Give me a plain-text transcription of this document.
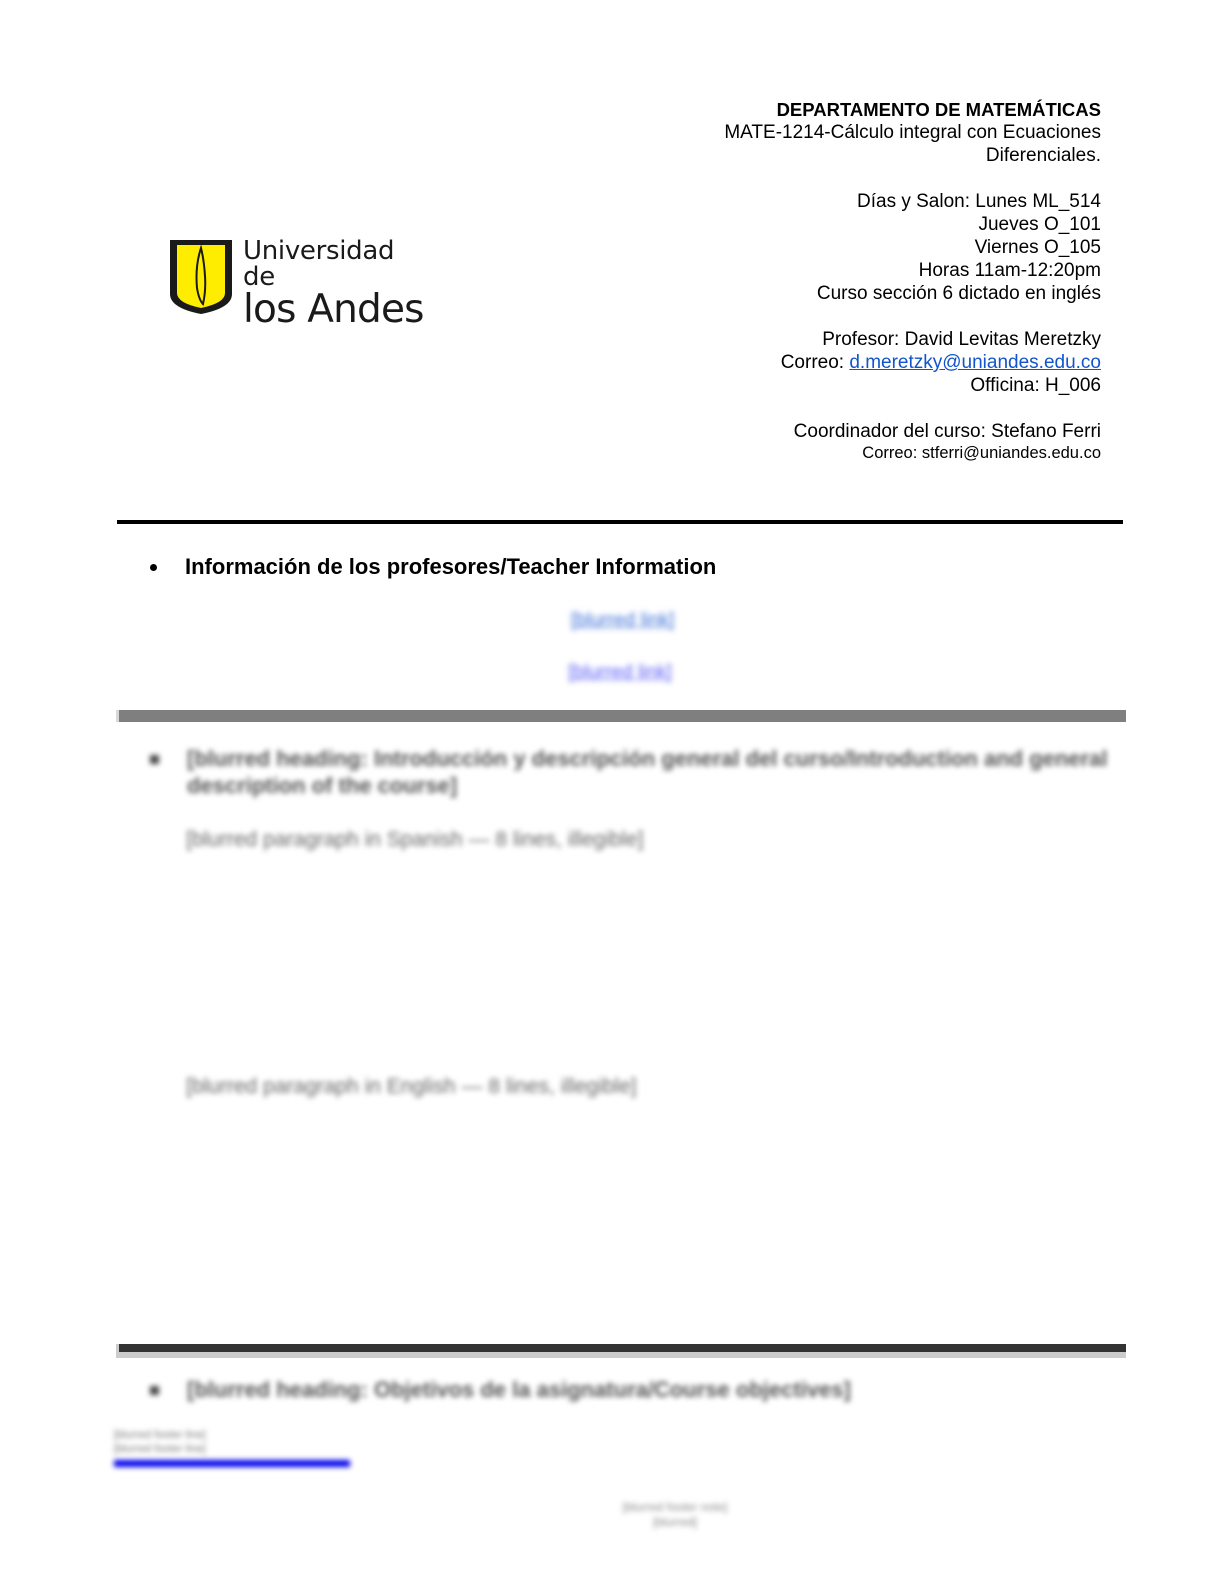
Universidad de
los Andes
DEPARTAMENTO DE MATEMÁTICAS
MATE-1214-Cálculo integral con Ecuaciones
Diferenciales.
Días y Salon: Lunes ML_514
Jueves O_101
Viernes O_105
Horas 11am-12:20pm
Curso sección 6 dictado en inglés
Profesor: David Levitas Meretzky
Correo: d.meretzky@uniandes.edu.co
Officina: H_006
Coordinador del curso: Stefano Ferri
Correo: stferri@uniandes.edu.co
Información de los profesores/Teacher Information
[blurred link]
[blurred link]
[blurred heading: Introducción y descripción general del curso/Introduction and general description of the course]
[blurred paragraph in Spanish — 8 lines, illegible]
[blurred paragraph in English — 8 lines, illegible]
[blurred heading: Objetivos de la asignatura/Course objectives]
[blurred footer line]
[blurred footer line]
[blurred footer note]
[blurred]
